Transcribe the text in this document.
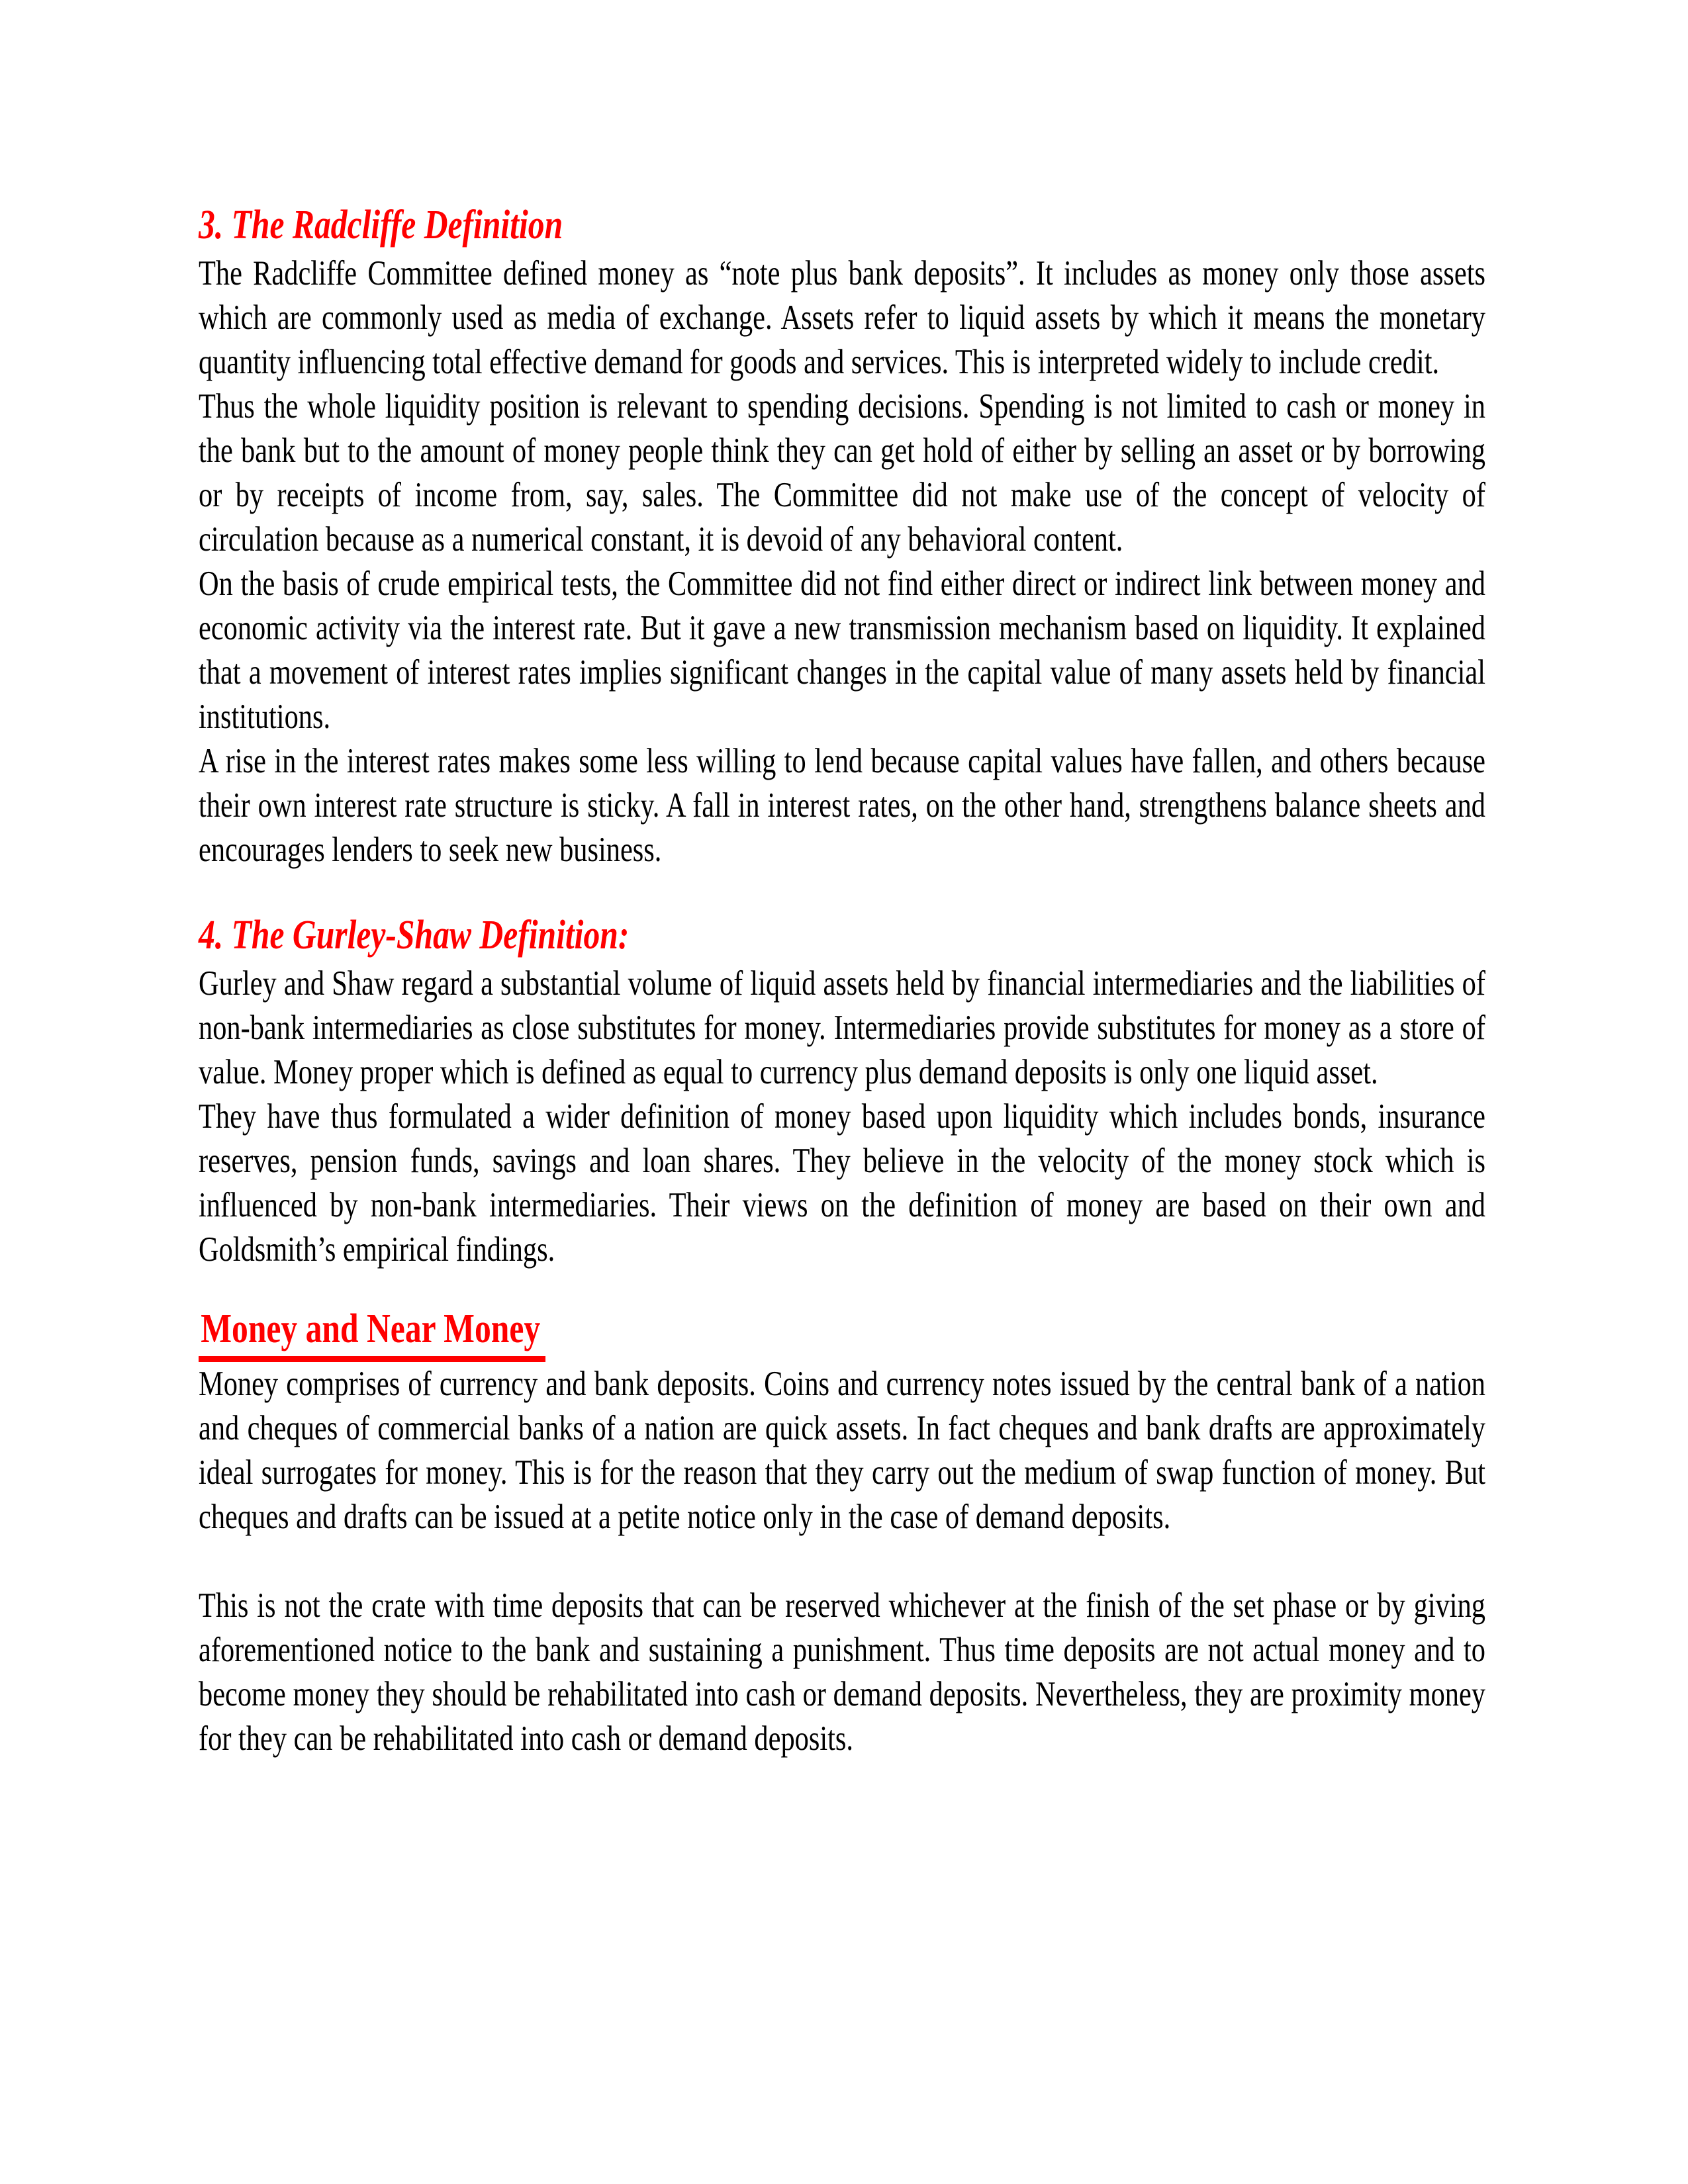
3. The Radcliffe Definition

The Radcliffe Committee defined money as “note plus bank deposits”. It includes as money only those assets which are commonly used as media of exchange. Assets refer to liquid assets by which it means the monetary quantity influencing total effective demand for goods and services. This is interpreted widely to include credit.

Thus the whole liquidity position is relevant to spending decisions. Spending is not limited to cash or money in the bank but to the amount of money people think they can get hold of either by selling an asset or by borrowing or by receipts of income from, say, sales. The Committee did not make use of the concept of velocity of circulation because as a numerical constant, it is devoid of any behavioral content.

On the basis of crude empirical tests, the Committee did not find either direct or indirect link between money and economic activity via the interest rate. But it gave a new transmission mechanism based on liquidity. It explained that a movement of interest rates implies significant changes in the capital value of many assets held by financial institutions.

A rise in the interest rates makes some less willing to lend because capital values have fallen, and others because their own interest rate structure is sticky. A fall in interest rates, on the other hand, strengthens balance sheets and encourages lenders to seek new business.

4. The Gurley-Shaw Definition:

Gurley and Shaw regard a substantial volume of liquid assets held by financial intermediaries and the liabilities of non-bank intermediaries as close substitutes for money. Intermediaries provide substitutes for money as a store of value. Money proper which is defined as equal to currency plus demand deposits is only one liquid asset.

They have thus formulated a wider definition of money based upon liquidity which includes bonds, insurance reserves, pension funds, savings and loan shares. They believe in the velocity of the money stock which is influenced by non-bank intermediaries. Their views on the definition of money are based on their own and Goldsmith’s empirical findings.

Money and Near Money

Money comprises of currency and bank deposits. Coins and currency notes issued by the central bank of a nation and cheques of commercial banks of a nation are quick assets. In fact cheques and bank drafts are approximately ideal surrogates for money. This is for the reason that they carry out the medium of swap function of money. But cheques and drafts can be issued at a petite notice only in the case of demand deposits.

This is not the crate with time deposits that can be reserved whichever at the finish of the set phase or by giving aforementioned notice to the bank and sustaining a punishment. Thus time deposits are not actual money and to become money they should be rehabilitated into cash or demand deposits. Nevertheless, they are proximity money for they can be rehabilitated into cash or demand deposits.
